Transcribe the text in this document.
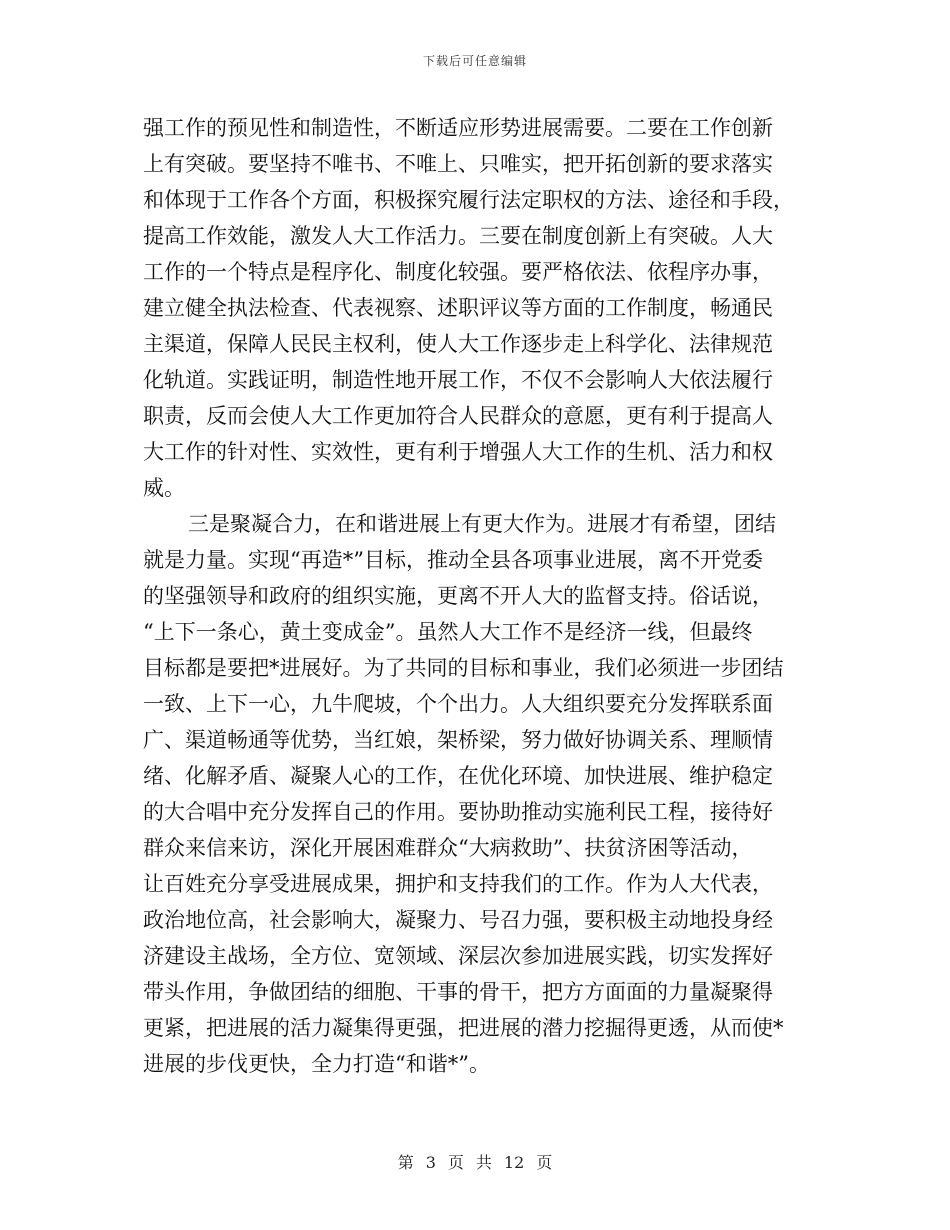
下载后可任意编辑
强工作的预见性和制造性，不断适应形势进展需要。二要在工作创新
上有突破。要坚持不唯书、不唯上、只唯实，把开拓创新的要求落实
和体现于工作各个方面，积极探究履行法定职权的方法、途径和手段，
提高工作效能，激发人大工作活力。三要在制度创新上有突破。人大
工作的一个特点是程序化、制度化较强。要严格依法、依程序办事，
建立健全执法检查、代表视察、述职评议等方面的工作制度，畅通民
主渠道，保障人民民主权利，使人大工作逐步走上科学化、法律规范
化轨道。实践证明，制造性地开展工作，不仅不会影响人大依法履行
职责，反而会使人大工作更加符合人民群众的意愿，更有利于提高人
大工作的针对性、实效性，更有利于增强人大工作的生机、活力和权
威。
三是聚凝合力，在和谐进展上有更大作为。进展才有希望，团结
就是力量。实现“再造*”目标，推动全县各项事业进展，离不开党委
的坚强领导和政府的组织实施，更离不开人大的监督支持。俗话说，
“上下一条心，黄土变成金”。虽然人大工作不是经济一线，但最终
目标都是要把*进展好。为了共同的目标和事业，我们必须进一步团结
一致、上下一心，九牛爬坡，个个出力。人大组织要充分发挥联系面
广、渠道畅通等优势，当红娘，架桥梁，努力做好协调关系、理顺情
绪、化解矛盾、凝聚人心的工作，在优化环境、加快进展、维护稳定
的大合唱中充分发挥自己的作用。要协助推动实施利民工程，接待好
群众来信来访，深化开展困难群众“大病救助”、扶贫济困等活动，
让百姓充分享受进展成果，拥护和支持我们的工作。作为人大代表，
政治地位高，社会影响大，凝聚力、号召力强，要积极主动地投身经
济建设主战场，全方位、宽领域、深层次参加进展实践，切实发挥好
带头作用，争做团结的细胞、干事的骨干，把方方面面的力量凝聚得
更紧，把进展的活力凝集得更强，把进展的潜力挖掘得更透，从而使*
进展的步伐更快，全力打造“和谐*”。
第 3 页 共 12 页
